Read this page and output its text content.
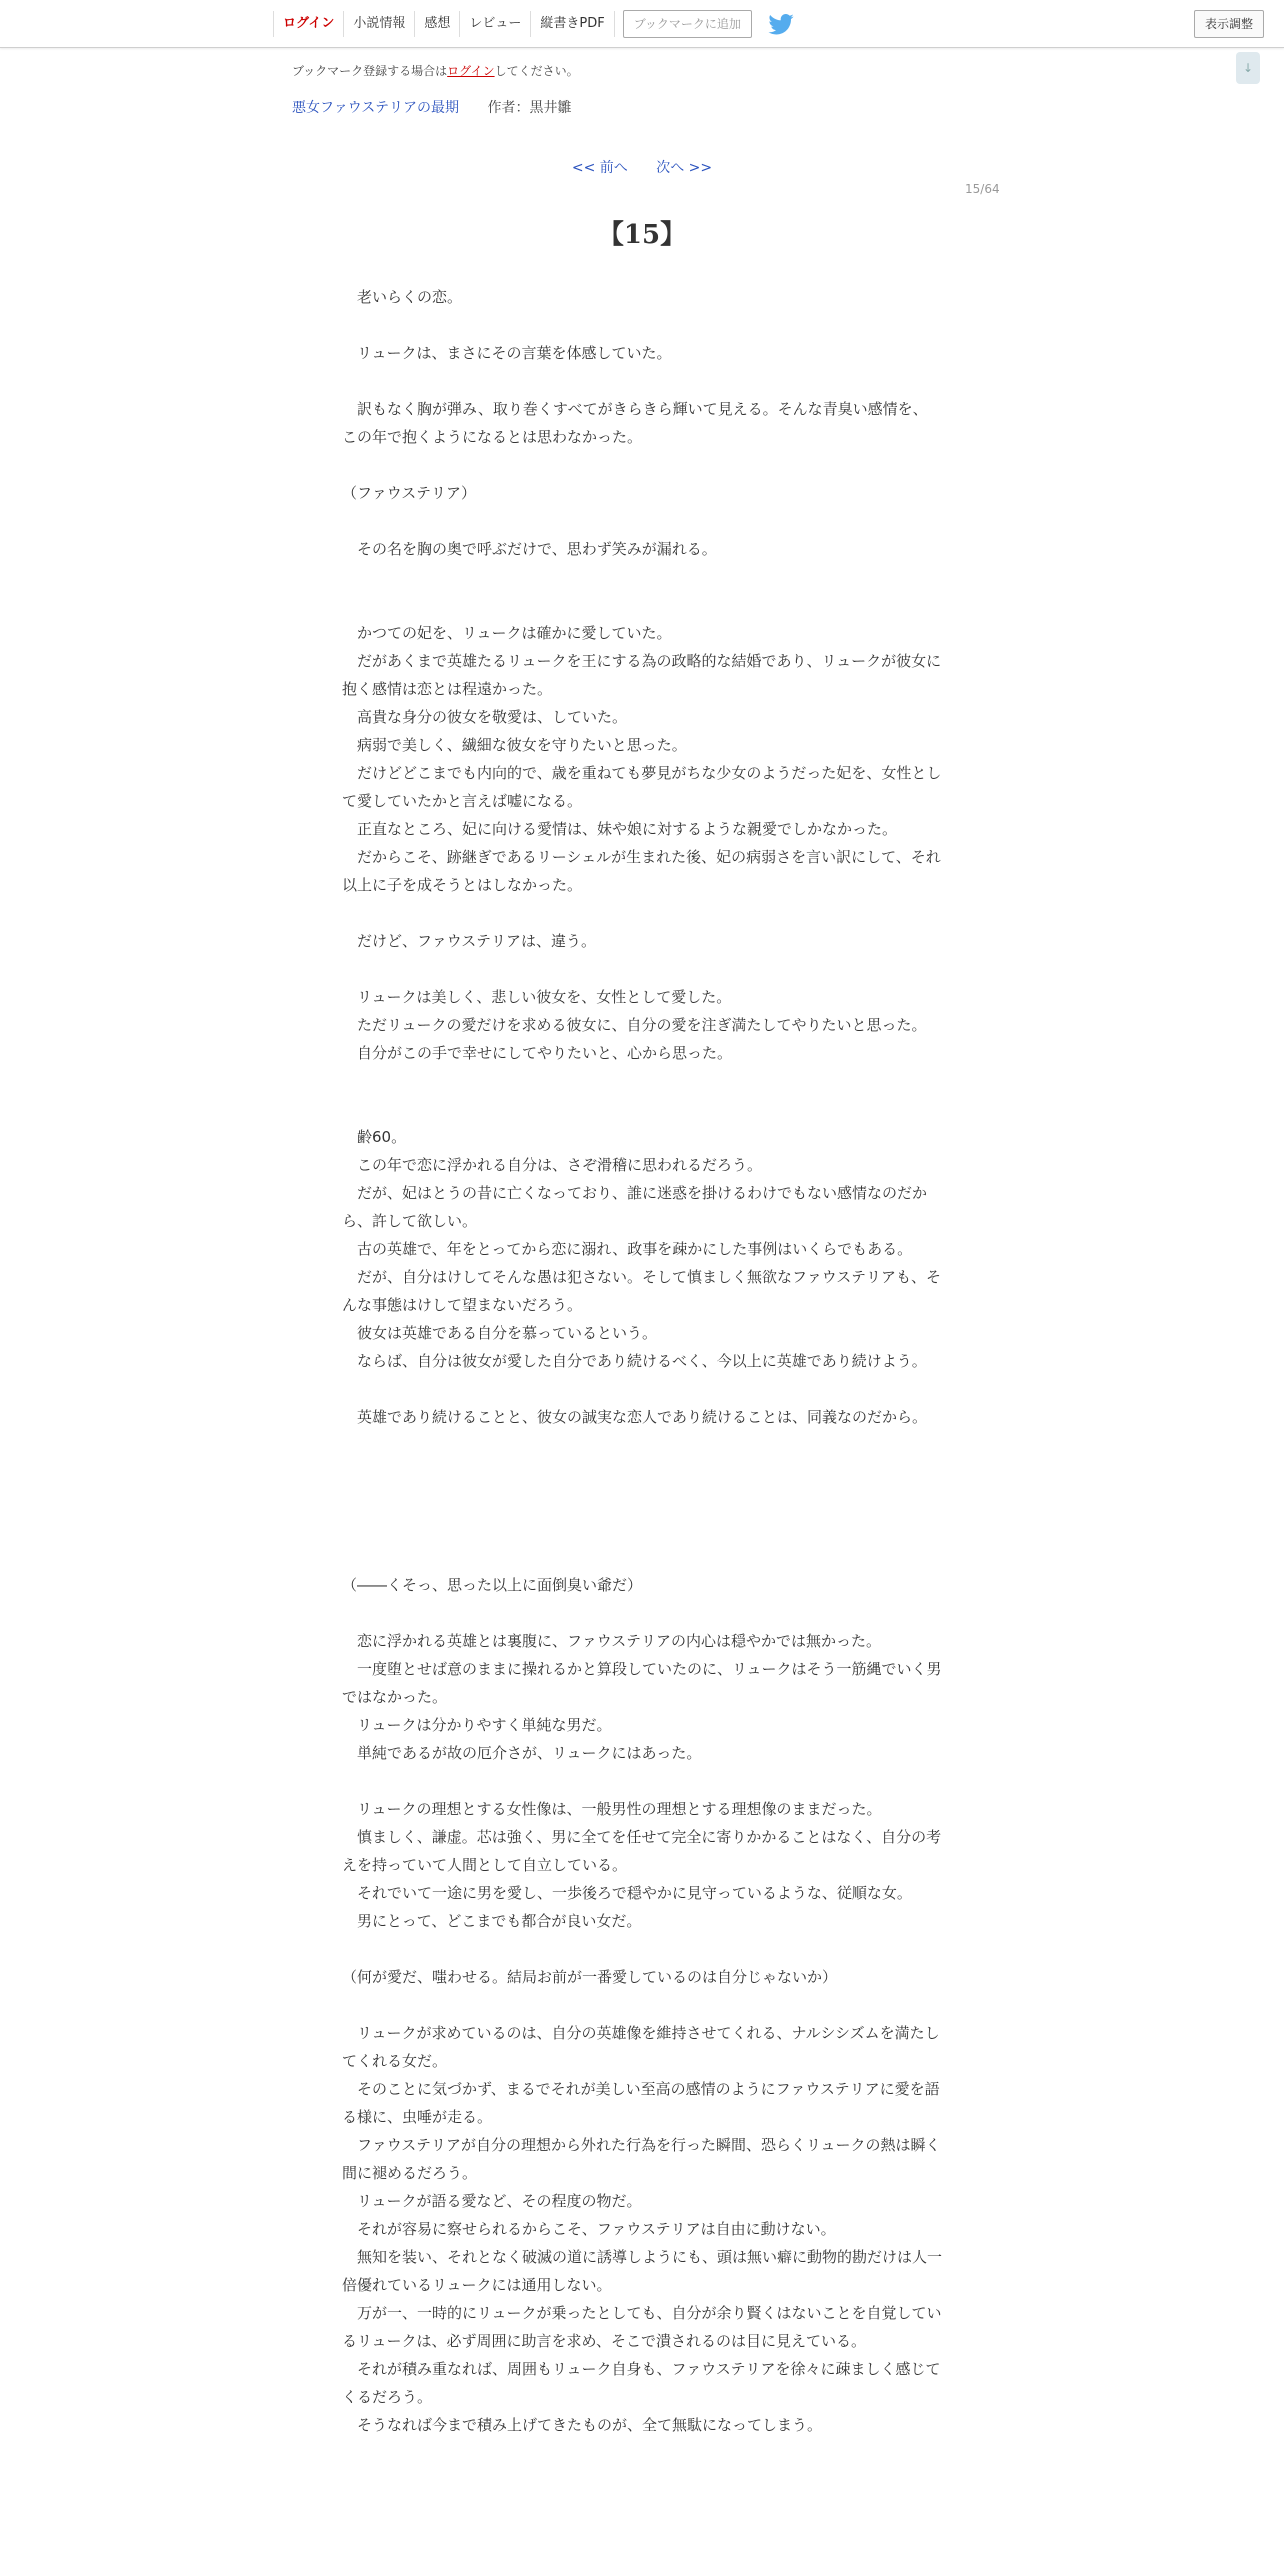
ログイン	小説情報	感想	レビュー	縦書きPDF	ブックマークに追加	表示調整
↓
ブックマーク登録する場合はログインしてください。
悪女ファウステリアの最期 作者：黒井雛
<< 前へ 次へ >>
15/64
【15】
　老いらくの恋。

　リュークは、まさにその言葉を体感していた。

　訳もなく胸が弾み、取り巻くすべてがきらきら輝いて見える。そんな青臭い感情を、この年で抱くようになるとは思わなかった。

（ファウステリア）

　その名を胸の奥で呼ぶだけで、思わず笑みが漏れる。

　かつての妃を、リュークは確かに愛していた。
　だがあくまで英雄たるリュークを王にする為の政略的な結婚であり、リュークが彼女に抱く感情は恋とは程遠かった。
　高貴な身分の彼女を敬愛は、していた。
　病弱で美しく、繊細な彼女を守りたいと思った。
　だけどどこまでも内向的で、歳を重ねても夢見がちな少女のようだった妃を、女性として愛していたかと言えば嘘になる。
　正直なところ、妃に向ける愛情は、妹や娘に対するような親愛でしかなかった。
　だからこそ、跡継ぎであるリーシェルが生まれた後、妃の病弱さを言い訳にして、それ以上に子を成そうとはしなかった。

　だけど、ファウステリアは、違う。

　リュークは美しく、悲しい彼女を、女性として愛した。
　ただリュークの愛だけを求める彼女に、自分の愛を注ぎ満たしてやりたいと思った。
　自分がこの手で幸せにしてやりたいと、心から思った。

　齢60。
　この年で恋に浮かれる自分は、さぞ滑稽に思われるだろう。
　だが、妃はとうの昔に亡くなっており、誰に迷惑を掛けるわけでもない感情なのだから、許して欲しい。
　古の英雄で、年をとってから恋に溺れ、政事を疎かにした事例はいくらでもある。
　だが、自分はけしてそんな愚は犯さない。そして慎ましく無欲なファウステリアも、そんな事態はけして望まないだろう。
　彼女は英雄である自分を慕っているという。
　ならば、自分は彼女が愛した自分であり続けるべく、今以上に英雄であり続けよう。

　英雄であり続けることと、彼女の誠実な恋人であり続けることは、同義なのだから。

（――くそっ、思った以上に面倒臭い爺だ）

　恋に浮かれる英雄とは裏腹に、ファウステリアの内心は穏やかでは無かった。
　一度堕とせば意のままに操れるかと算段していたのに、リュークはそう一筋縄でいく男ではなかった。
　リュークは分かりやすく単純な男だ。
　単純であるが故の厄介さが、リュークにはあった。

　リュークの理想とする女性像は、一般男性の理想とする理想像のままだった。
　慎ましく、謙虚。芯は強く、男に全てを任せて完全に寄りかかることはなく、自分の考えを持っていて人間として自立している。
　それでいて一途に男を愛し、一歩後ろで穏やかに見守っているような、従順な女。
　男にとって、どこまでも都合が良い女だ。

（何が愛だ、嗤わせる。結局お前が一番愛しているのは自分じゃないか）

　リュークが求めているのは、自分の英雄像を維持させてくれる、ナルシシズムを満たしてくれる女だ。
　そのことに気づかず、まるでそれが美しい至高の感情のようにファウステリアに愛を語る様に、虫唾が走る。
　ファウステリアが自分の理想から外れた行為を行った瞬間、恐らくリュークの熱は瞬く間に褪めるだろう。
　リュークが語る愛など、その程度の物だ。
　それが容易に察せられるからこそ、ファウステリアは自由に動けない。
　無知を装い、それとなく破滅の道に誘導しようにも、頭は無い癖に動物的勘だけは人一倍優れているリュークには通用しない。
　万が一、一時的にリュークが乗ったとしても、自分が余り賢くはないことを自覚しているリュークは、必ず周囲に助言を求め、そこで潰されるのは目に見えている。
　それが積み重なれば、周囲もリューク自身も、ファウステリアを徐々に疎ましく感じてくるだろう。
　そうなれば今まで積み上げてきたものが、全て無駄になってしまう。
